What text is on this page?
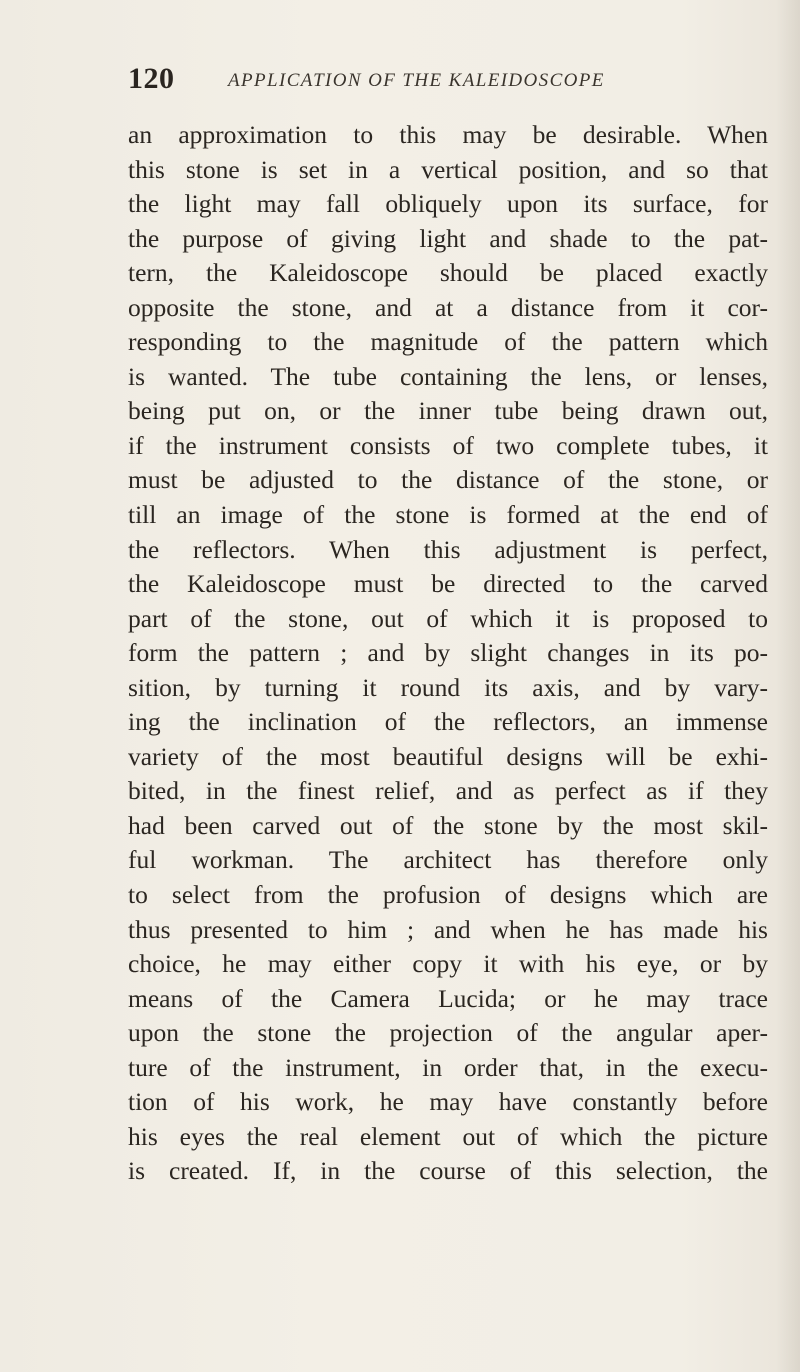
120	APPLICATION OF THE KALEIDOSCOPE
an approximation to this may be desirable. When
this stone is set in a vertical position, and so that
the light may fall obliquely upon its surface, for
the purpose of giving light and shade to the pat-
tern, the Kaleidoscope should be placed exactly
opposite the stone, and at a distance from it cor-
responding to the magnitude of the pattern which
is wanted. The tube containing the lens, or lenses,
being put on, or the inner tube being drawn out,
if the instrument consists of two complete tubes, it
must be adjusted to the distance of the stone, or
till an image of the stone is formed at the end of
the reflectors. When this adjustment is perfect,
the Kaleidoscope must be directed to the carved
part of the stone, out of which it is proposed to
form the pattern ; and by slight changes in its po-
sition, by turning it round its axis, and by vary-
ing the inclination of the reflectors, an immense
variety of the most beautiful designs will be exhi-
bited, in the finest relief, and as perfect as if they
had been carved out of the stone by the most skil-
ful workman. The architect has therefore only
to select from the profusion of designs which are
thus presented to him ; and when he has made his
choice, he may either copy it with his eye, or by
means of the Camera Lucida; or he may trace
upon the stone the projection of the angular aper-
ture of the instrument, in order that, in the execu-
tion of his work, he may have constantly before
his eyes the real element out of which the picture
is created. If, in the course of this selection, the
